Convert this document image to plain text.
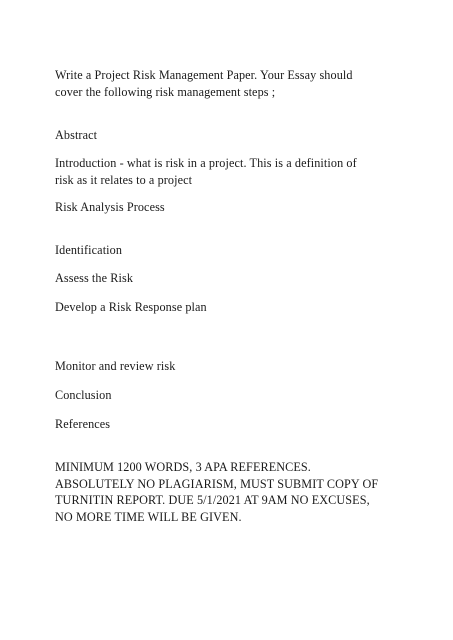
Write a Project Risk Management Paper. Your Essay should
cover the following risk management steps ;

Abstract

Introduction - what is risk in a project. This is a definition of
risk as it relates to a project

Risk Analysis Process

Identification

Assess the Risk

Develop a Risk Response plan

Monitor and review risk

Conclusion

References

MINIMUM 1200 WORDS, 3 APA REFERENCES.
ABSOLUTELY NO PLAGIARISM, MUST SUBMIT COPY OF
TURNITIN REPORT. DUE 5/1/2021 AT 9AM NO EXCUSES,
NO MORE TIME WILL BE GIVEN.
